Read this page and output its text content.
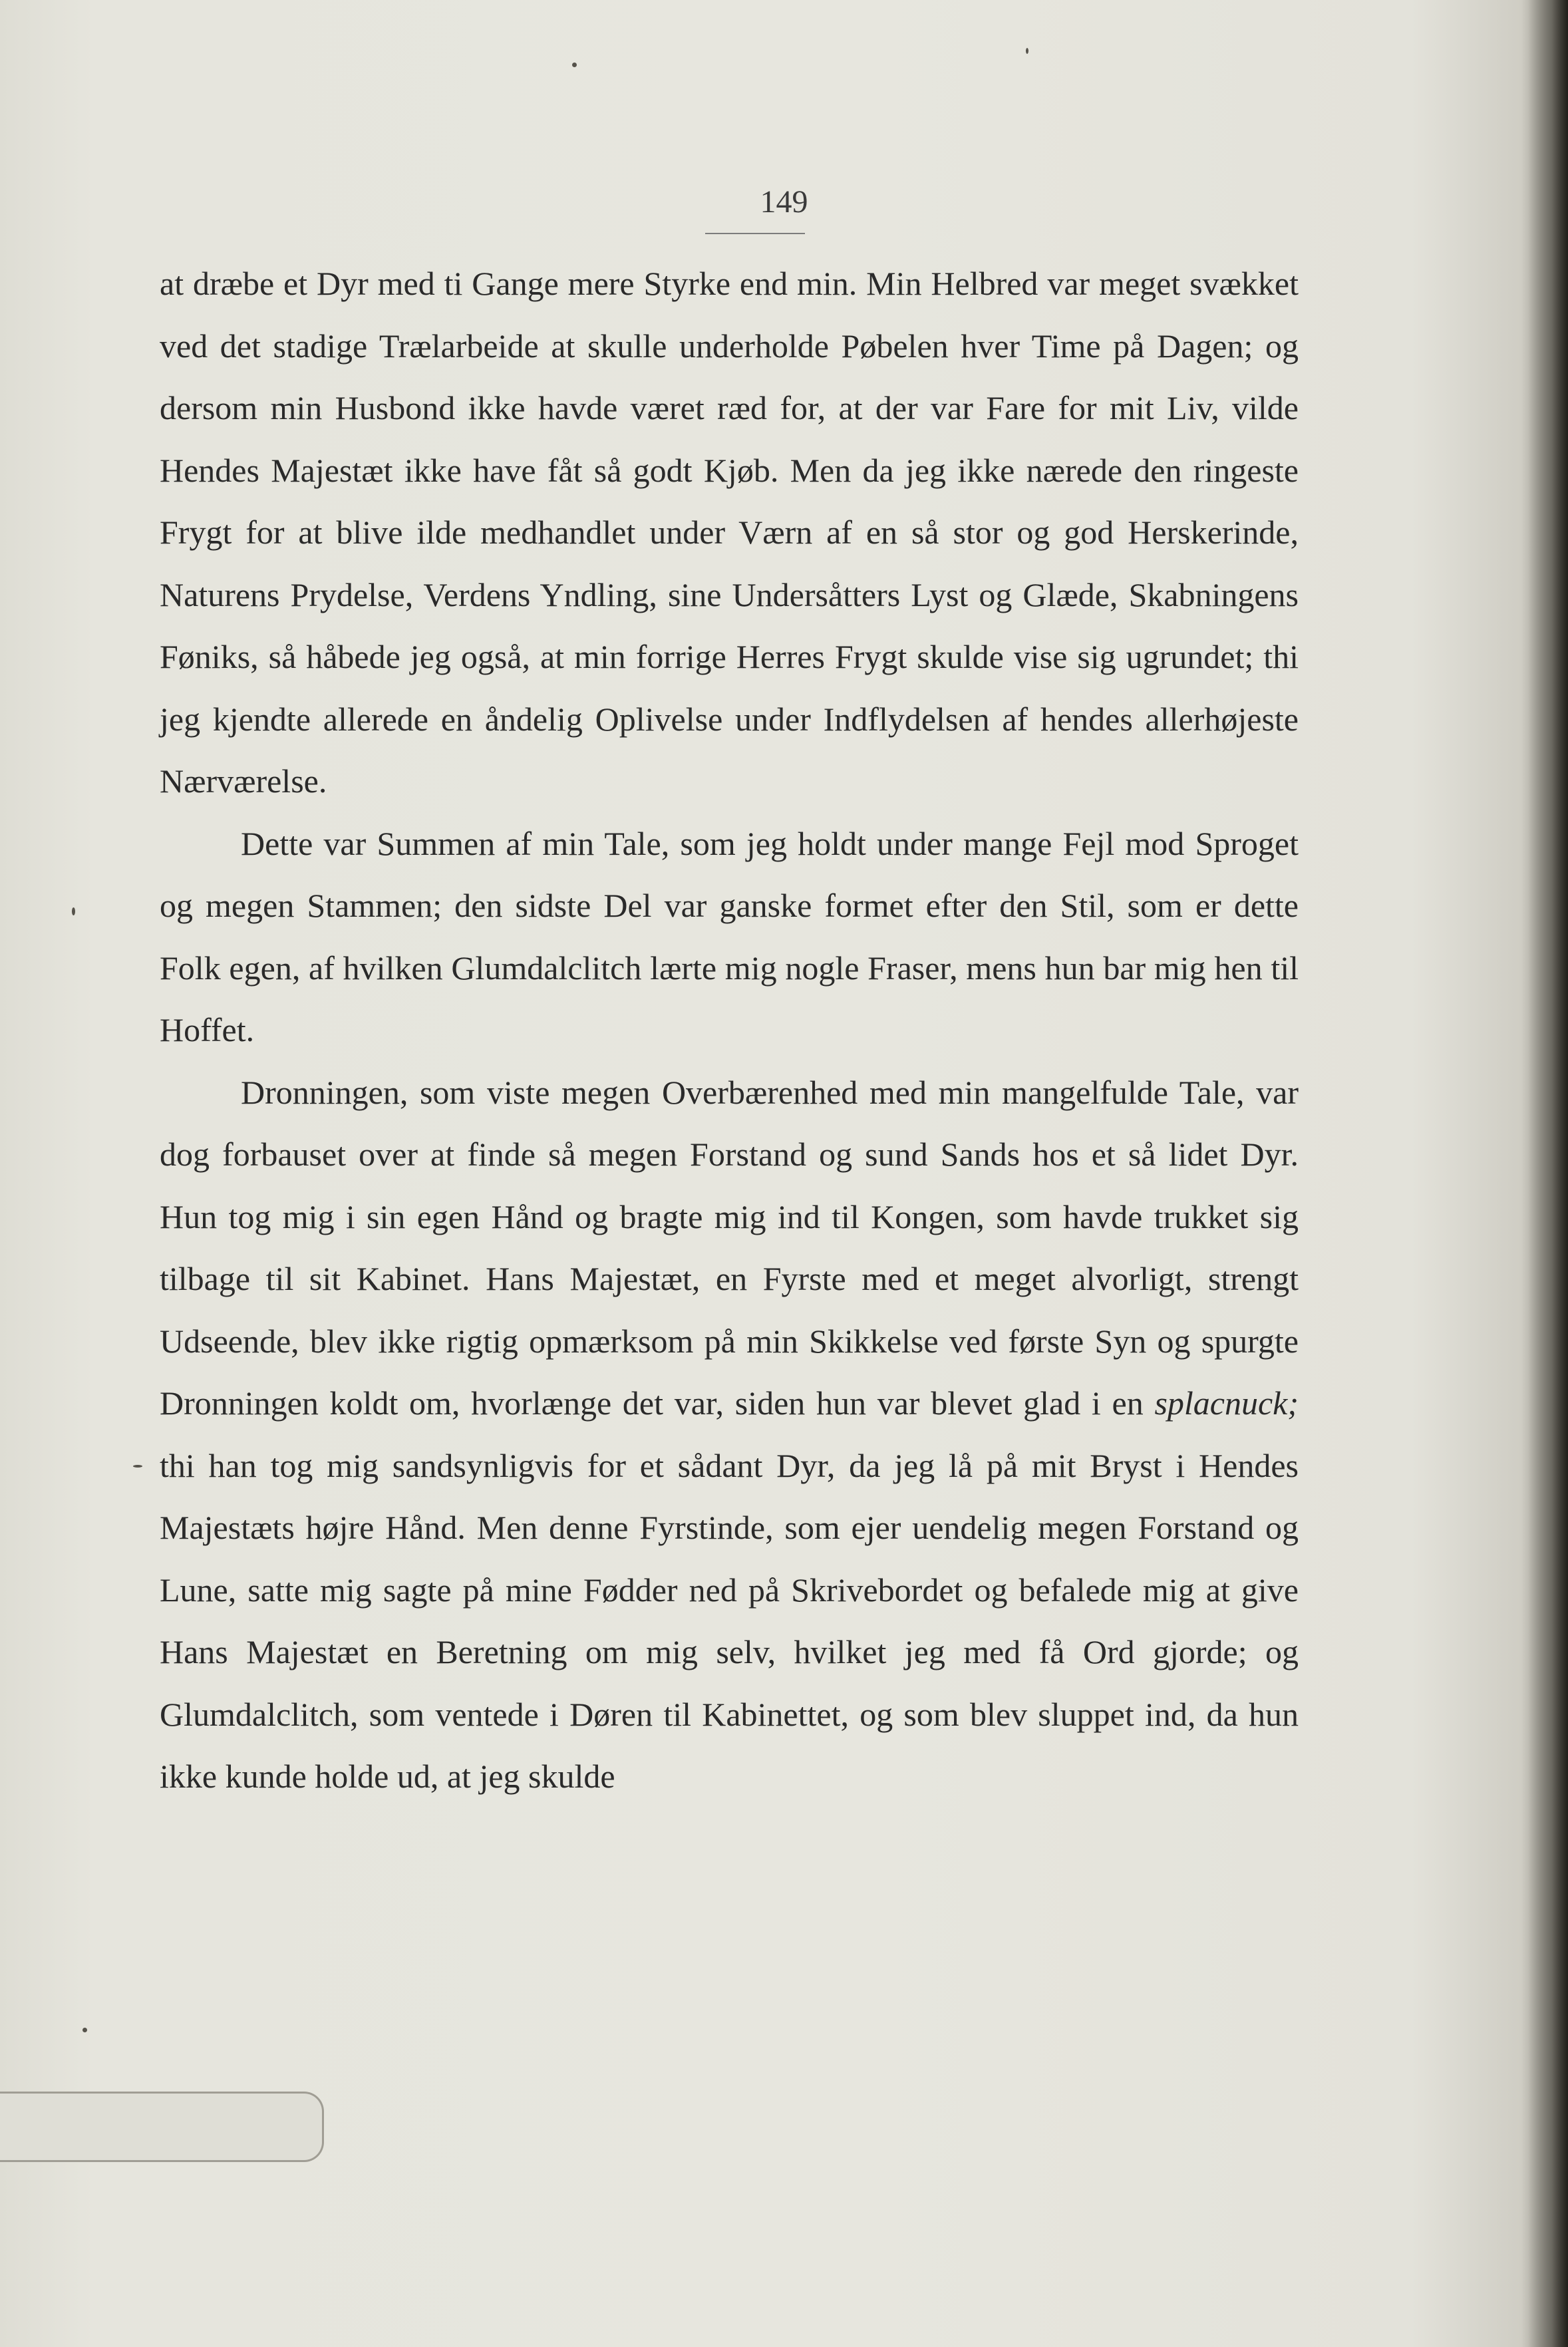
149

at dræbe et Dyr med ti Gange mere Styrke end min. Min Helbred var meget svækket ved det stadige Trælarbeide at skulle underholde Pøbelen hver Time på Dagen; og dersom min Husbond ikke havde været ræd for, at der var Fare for mit Liv, vilde Hendes Majestæt ikke have fåt så godt Kjøb. Men da jeg ikke nærede den ringeste Frygt for at blive ilde medhandlet under Værn af en så stor og god Herskerinde, Naturens Prydelse, Verdens Yndling, sine Undersåtters Lyst og Glæde, Skabningens Føniks, så håbede jeg også, at min forrige Herres Frygt skulde vise sig ugrundet; thi jeg kjendte allerede en åndelig Oplivelse under Indflydelsen af hendes allerhøjeste Nærværelse.

Dette var Summen af min Tale, som jeg holdt under mange Fejl mod Sproget og megen Stammen; den sidste Del var ganske formet efter den Stil, som er dette Folk egen, af hvilken Glumdalclitch lærte mig nogle Fraser, mens hun bar mig hen til Hoffet.

Dronningen, som viste megen Overbærenhed med min mangelfulde Tale, var dog forbauset over at finde så megen Forstand og sund Sands hos et så lidet Dyr. Hun tog mig i sin egen Hånd og bragte mig ind til Kongen, som havde trukket sig tilbage til sit Kabinet. Hans Majestæt, en Fyrste med et meget alvorligt, strengt Udseende, blev ikke rigtig opmærksom på min Skikkelse ved første Syn og spurgte Dronningen koldt om, hvorlænge det var, siden hun var blevet glad i en splacnuck; thi han tog mig sandsynligvis for et sådant Dyr, da jeg lå på mit Bryst i Hendes Majestæts højre Hånd. Men denne Fyrstinde, som ejer uendelig megen Forstand og Lune, satte mig sagte på mine Fødder ned på Skrivebordet og befalede mig at give Hans Majestæt en Beretning om mig selv, hvilket jeg med få Ord gjorde; og Glumdalclitch, som ventede i Døren til Kabinettet, og som blev sluppet ind, da hun ikke kunde holde ud, at jeg skulde
